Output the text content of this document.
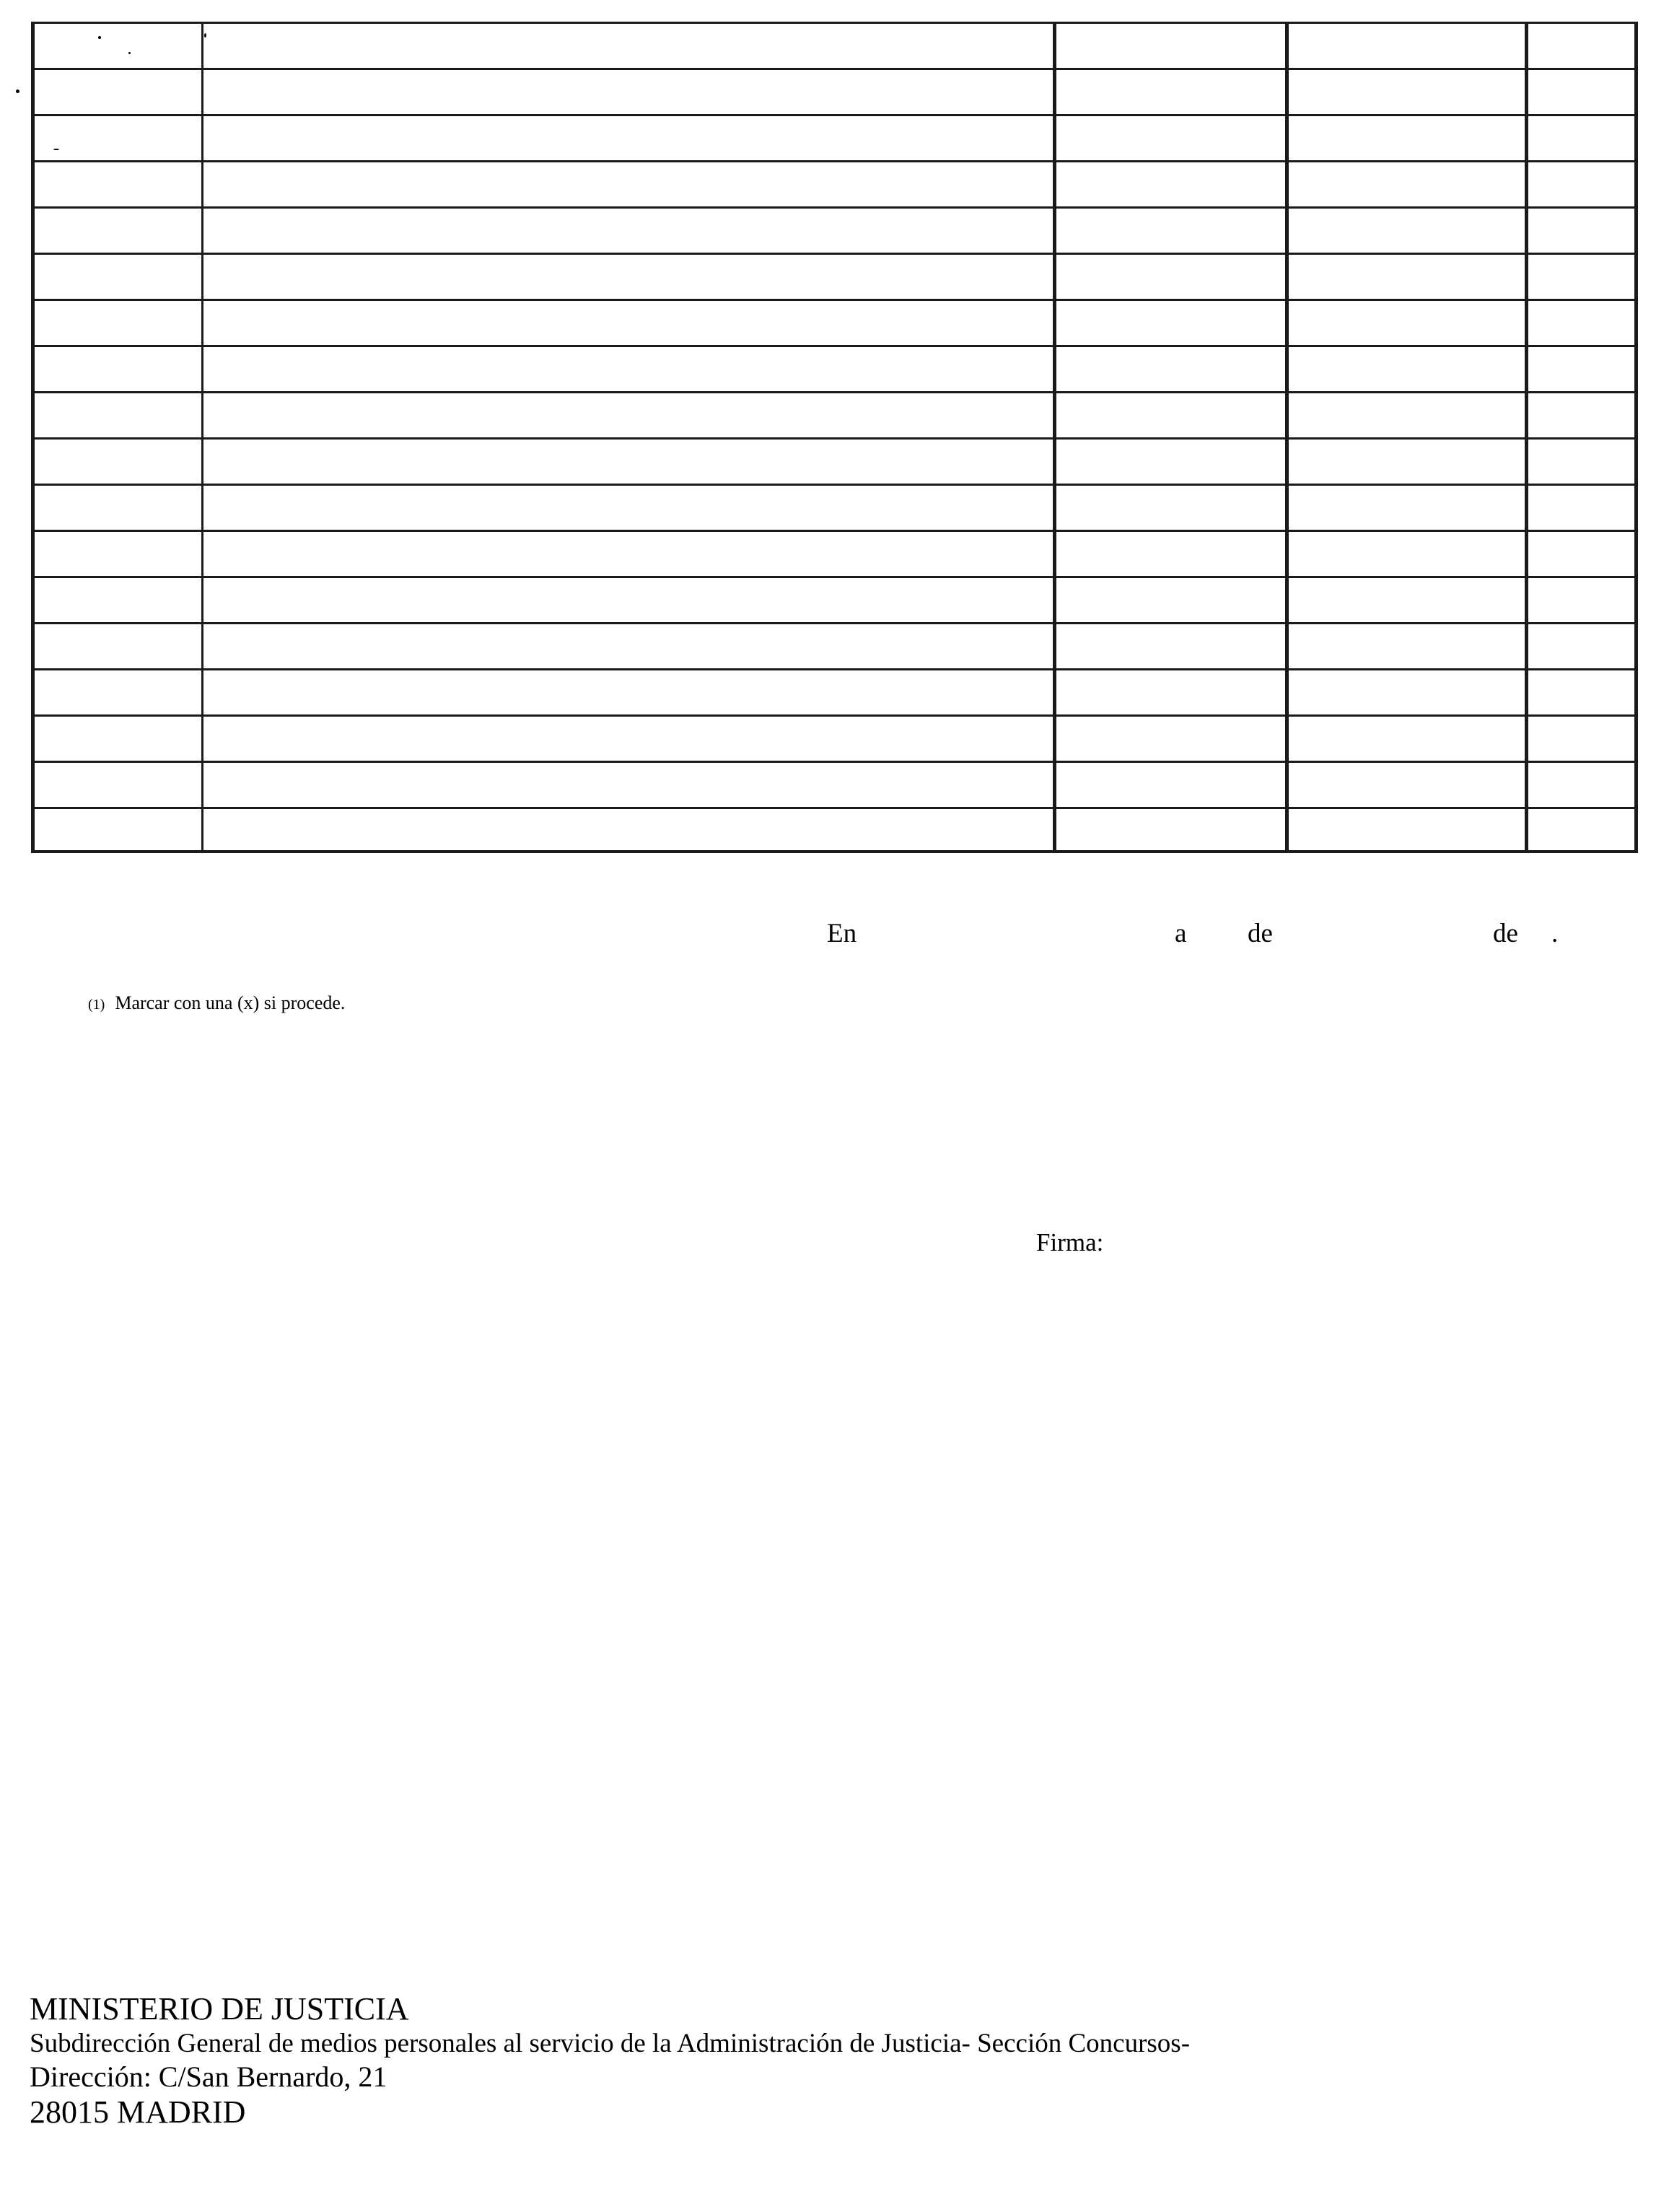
En	a de	de .
(1) Marcar con una (x) si procede.
Firma:
MINISTERIO DE JUSTICIA
Subdirección General de medios personales al servicio de la Administración de Justicia- Sección Concursos-
Dirección: C/San Bernardo, 21
28015 MADRID
